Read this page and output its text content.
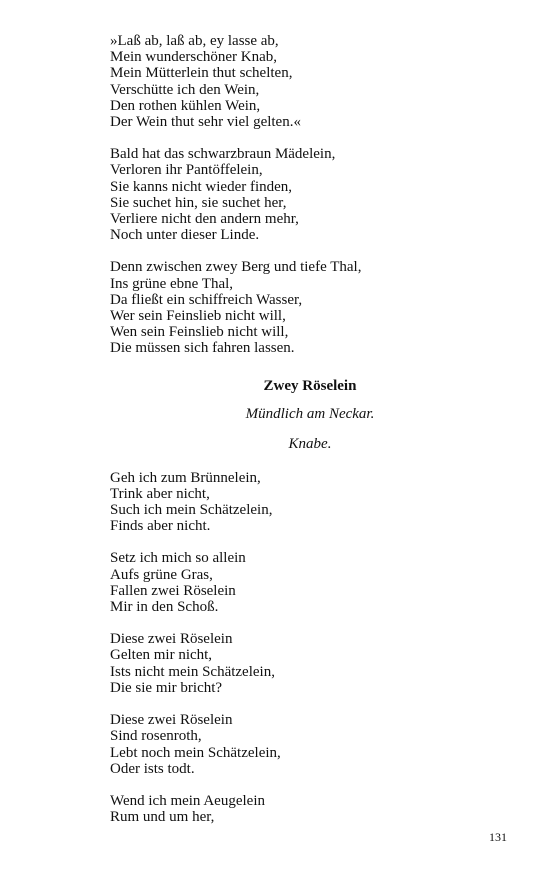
»Laß ab, laß ab, ey lasse ab,
Mein wunderschöner Knab,
Mein Mütterlein thut schelten,
Verschütte ich den Wein,
Den rothen kühlen Wein,
Der Wein thut sehr viel gelten.«
Bald hat das schwarzbraun Mädelein,
Verloren ihr Pantöffelein,
Sie kanns nicht wieder finden,
Sie suchet hin, sie suchet her,
Verliere nicht den andern mehr,
Noch unter dieser Linde.
Denn zwischen zwey Berg und tiefe Thal,
Ins grüne ebne Thal,
Da fließt ein schiffreich Wasser,
Wer sein Feinslieb nicht will,
Wen sein Feinslieb nicht will,
Die müssen sich fahren lassen.
Zwey Röselein
Mündlich am Neckar.
Knabe.
Geh ich zum Brünnelein,
Trink aber nicht,
Such ich mein Schätzelein,
Finds aber nicht.
Setz ich mich so allein
Aufs grüne Gras,
Fallen zwei Röselein
Mir in den Schoß.
Diese zwei Röselein
Gelten mir nicht,
Ists nicht mein Schätzelein,
Die sie mir bricht?
Diese zwei Röselein
Sind rosenroth,
Lebt noch mein Schätzelein,
Oder ists todt.
Wend ich mein Aeugelein
Rum und um her,
131
